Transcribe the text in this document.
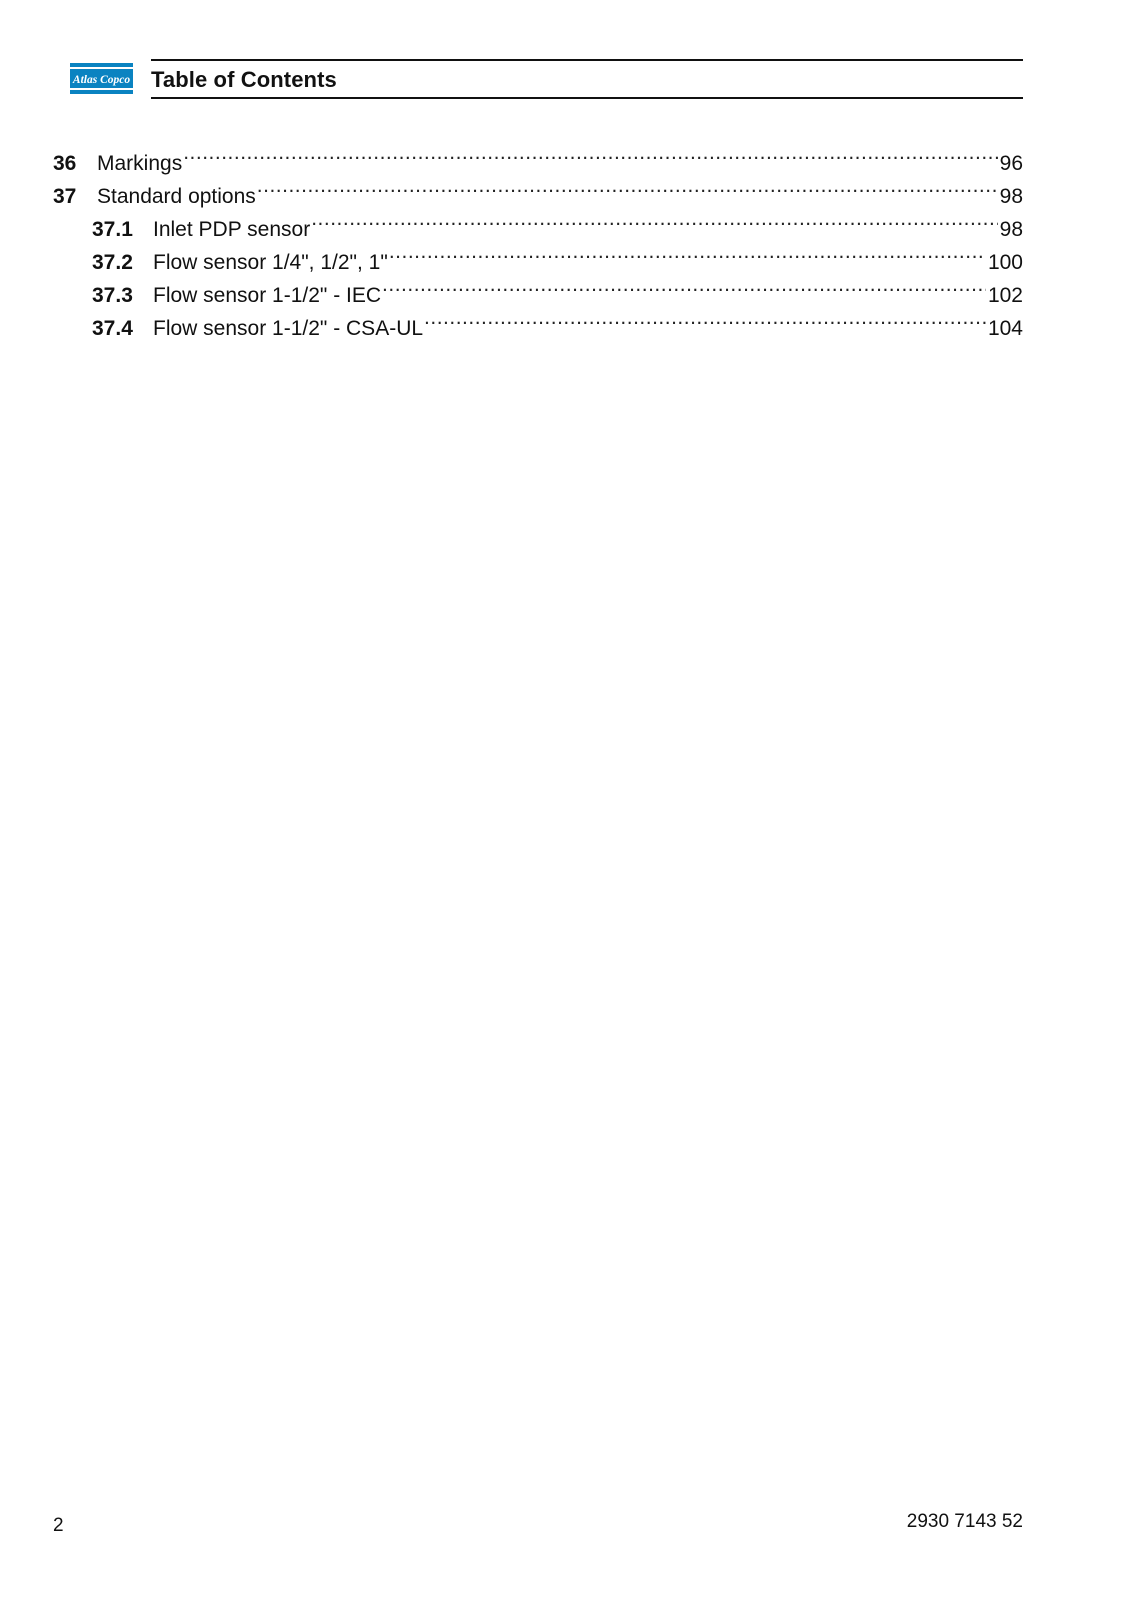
Atlas Copco Table of Contents
36 Markings .....	96
37 Standard options .....	98
37.1 Inlet PDP sensor .....	98
37.2 Flow sensor 1/4", 1/2", 1" .....	100
37.3 Flow sensor 1-1/2" - IEC .....	102
37.4 Flow sensor 1-1/2" - CSA-UL .....	104
2	2930 7143 52
